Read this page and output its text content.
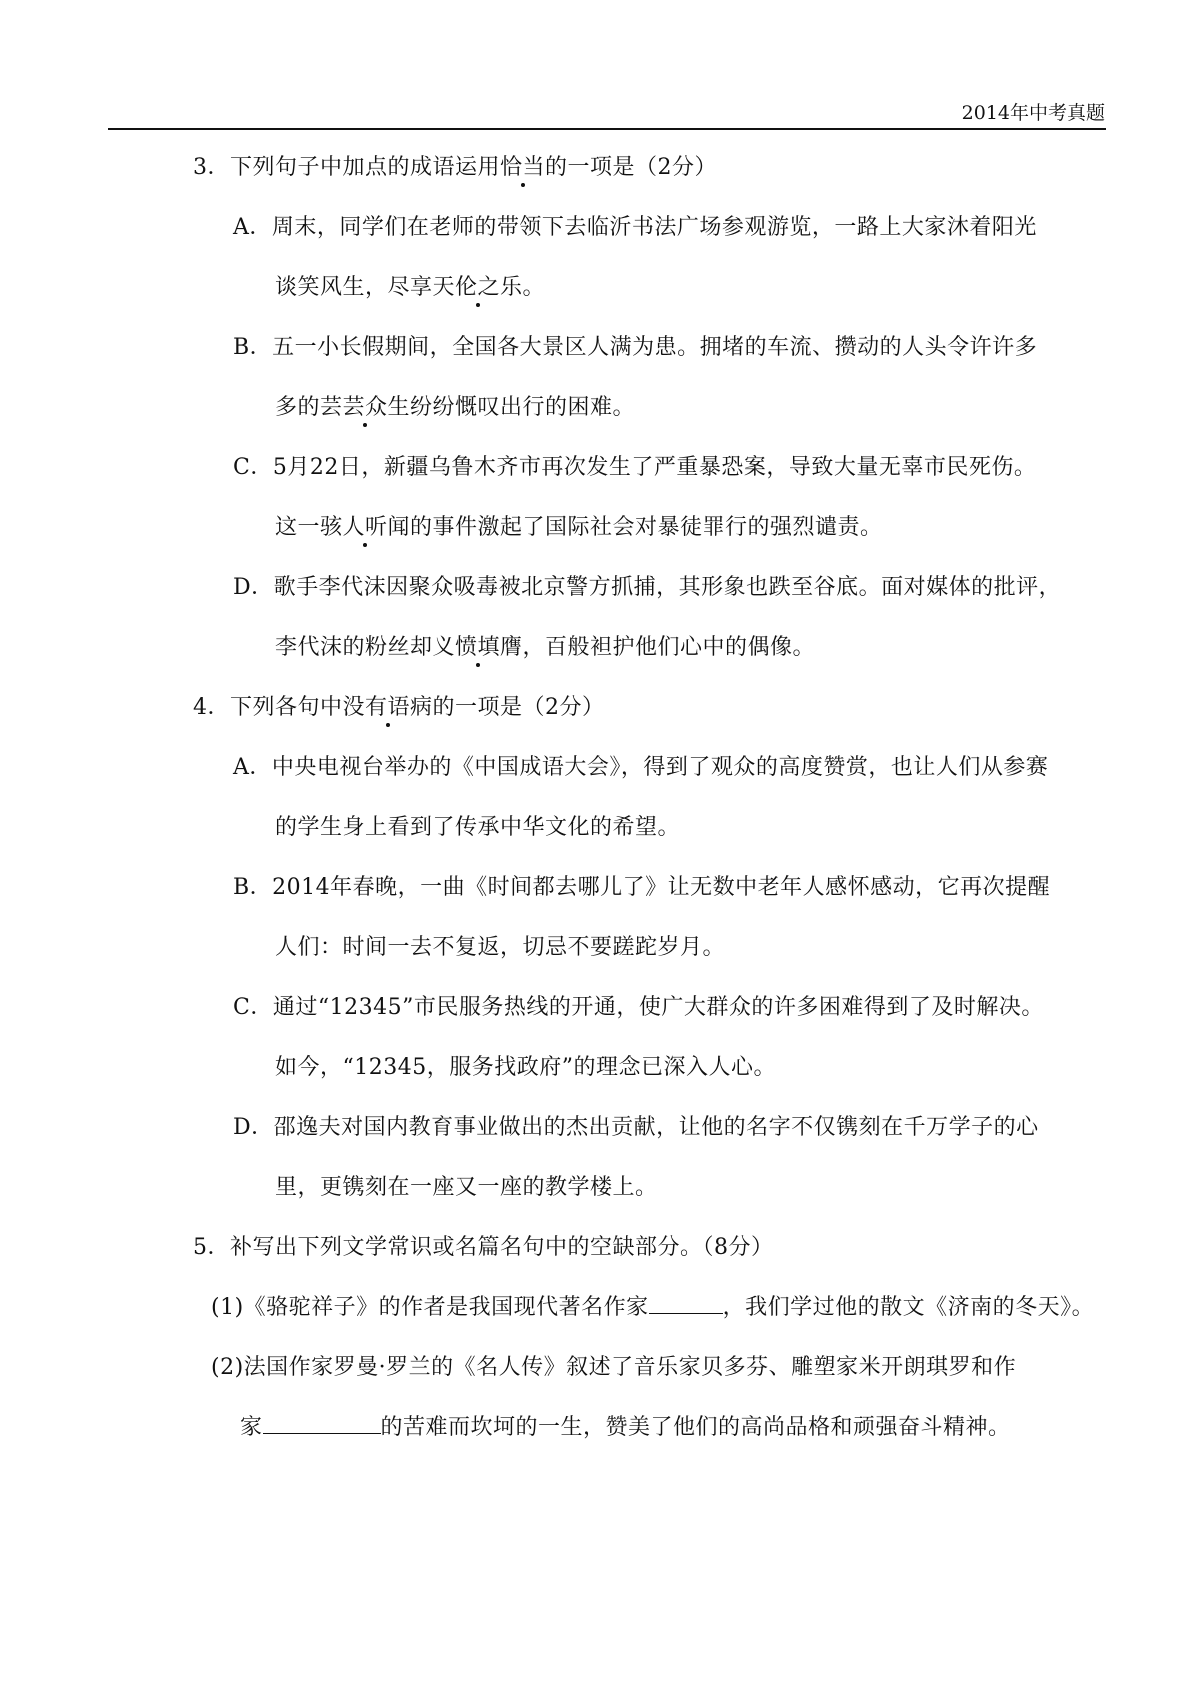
2014年中考真题
3．下列句子中加点的成语运用恰当的一项是（2分）
A．周末，同学们在老师的带领下去临沂书法广场参观游览，一路上大家沐着阳光
谈笑风生，尽享天伦之乐。
B．五一小长假期间，全国各大景区人满为患。拥堵的车流、攒动的人头令许许多
多的芸芸众生纷纷慨叹出行的困难。
C．5月22日，新疆乌鲁木齐市再次发生了严重暴恐案，导致大量无辜市民死伤。
这一骇人听闻的事件激起了国际社会对暴徒罪行的强烈谴责。
D．歌手李代沫因聚众吸毒被北京警方抓捕，其形象也跌至谷底。面对媒体的批评，
李代沫的粉丝却义愤填膺，百般袒护他们心中的偶像。
4．下列各句中没有语病的一项是（2分）
A．中央电视台举办的《中国成语大会》，得到了观众的高度赞赏，也让人们从参赛
的学生身上看到了传承中华文化的希望。
B．2014年春晚，一曲《时间都去哪儿了》让无数中老年人感怀感动，它再次提醒
人们：时间一去不复返，切忌不要蹉跎岁月。
C．通过“12345”市民服务热线的开通，使广大群众的许多困难得到了及时解决。
如今，“12345，服务找政府”的理念已深入人心。
D．邵逸夫对国内教育事业做出的杰出贡献，让他的名字不仅镌刻在千万学子的心
里，更镌刻在一座又一座的教学楼上。
5．补写出下列文学常识或名篇名句中的空缺部分。（8分）
(1)《骆驼祥子》的作者是我国现代著名作家	，我们学过他的散文《济南的冬天》。
(2)法国作家罗曼·罗兰的《名人传》叙述了音乐家贝多芬、雕塑家米开朗琪罗和作
家	的苦难而坎坷的一生，赞美了他们的高尚品格和顽强奋斗精神。
